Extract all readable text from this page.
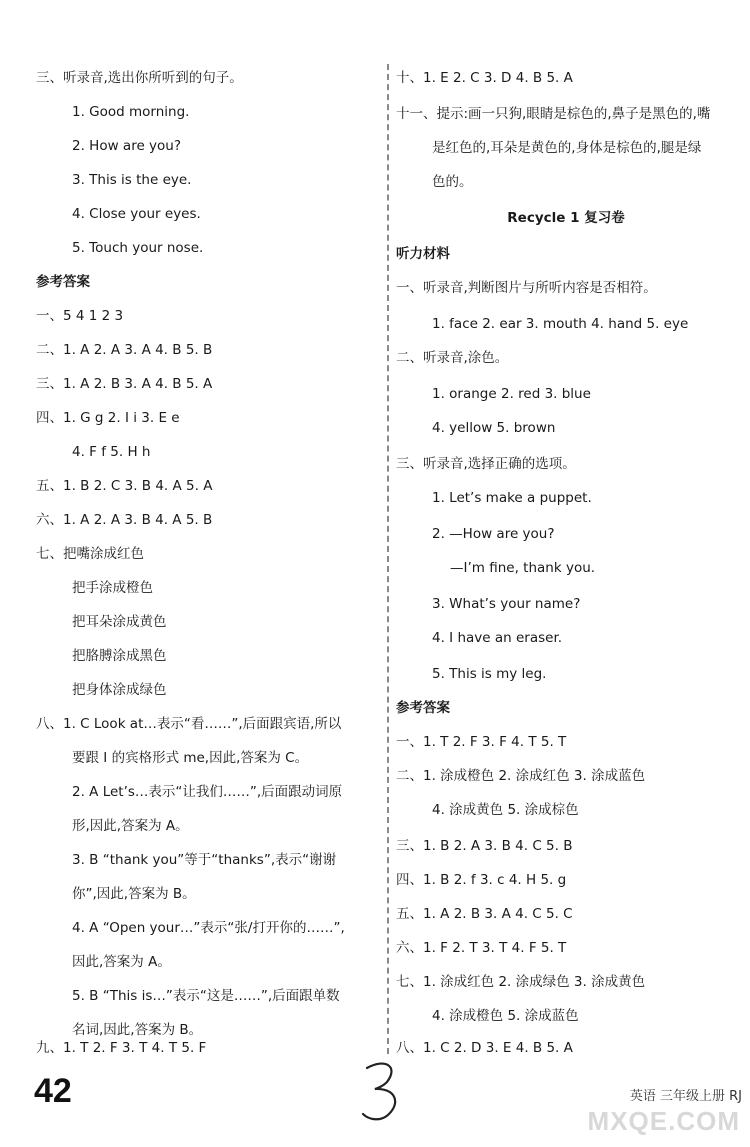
三、听录音,选出你所听到的句子。
1. Good morning.
2. How are you?
3. This is the eye.
4. Close your eyes.
5. Touch your nose.
参考答案
一、5 4 1 2 3
二、1. A 2. A 3. A 4. B 5. B
三、1. A 2. B 3. A 4. B 5. A
四、1. G g 2. I i 3. E e
4. F f 5. H h
五、1. B 2. C 3. B 4. A 5. A
六、1. A 2. A 3. B 4. A 5. B
七、把嘴涂成红色
把手涂成橙色
把耳朵涂成黄色
把胳膊涂成黑色
把身体涂成绿色
八、1. C Look at…表示“看……”,后面跟宾语,所以
要跟 I 的宾格形式 me,因此,答案为 C。
2. A Let’s…表示“让我们……”,后面跟动词原
形,因此,答案为 A。
3. B “thank you”等于“thanks”,表示“谢谢
你”,因此,答案为 B。
4. A “Open your…”表示“张/打开你的……”,
因此,答案为 A。
5. B “This is…”表示“这是……”,后面跟单数
名词,因此,答案为 B。
九、1. T 2. F 3. T 4. T 5. F
十、1. E 2. C 3. D 4. B 5. A
十一、提示:画一只狗,眼睛是棕色的,鼻子是黑色的,嘴
是红色的,耳朵是黄色的,身体是棕色的,腿是绿
色的。
Recycle 1 复习卷
听力材料
一、听录音,判断图片与所听内容是否相符。
1. face 2. ear 3. mouth 4. hand 5. eye
二、听录音,涂色。
1. orange 2. red 3. blue
4. yellow 5. brown
三、听录音,选择正确的选项。
1. Let’s make a puppet.
2. —How are you?
—I’m fine, thank you.
3. What’s your name?
4. I have an eraser.
5. This is my leg.
参考答案
一、1. T 2. F 3. F 4. T 5. T
二、1. 涂成橙色 2. 涂成红色 3. 涂成蓝色
4. 涂成黄色 5. 涂成棕色
三、1. B 2. A 3. B 4. C 5. B
四、1. B 2. f 3. c 4. H 5. g
五、1. A 2. B 3. A 4. C 5. C
六、1. F 2. T 3. T 4. F 5. T
七、1. 涂成红色 2. 涂成绿色 3. 涂成黄色
4. 涂成橙色 5. 涂成蓝色
八、1. C 2. D 3. E 4. B 5. A
42	英语 三年级上册 RJ
MXQE.COM
